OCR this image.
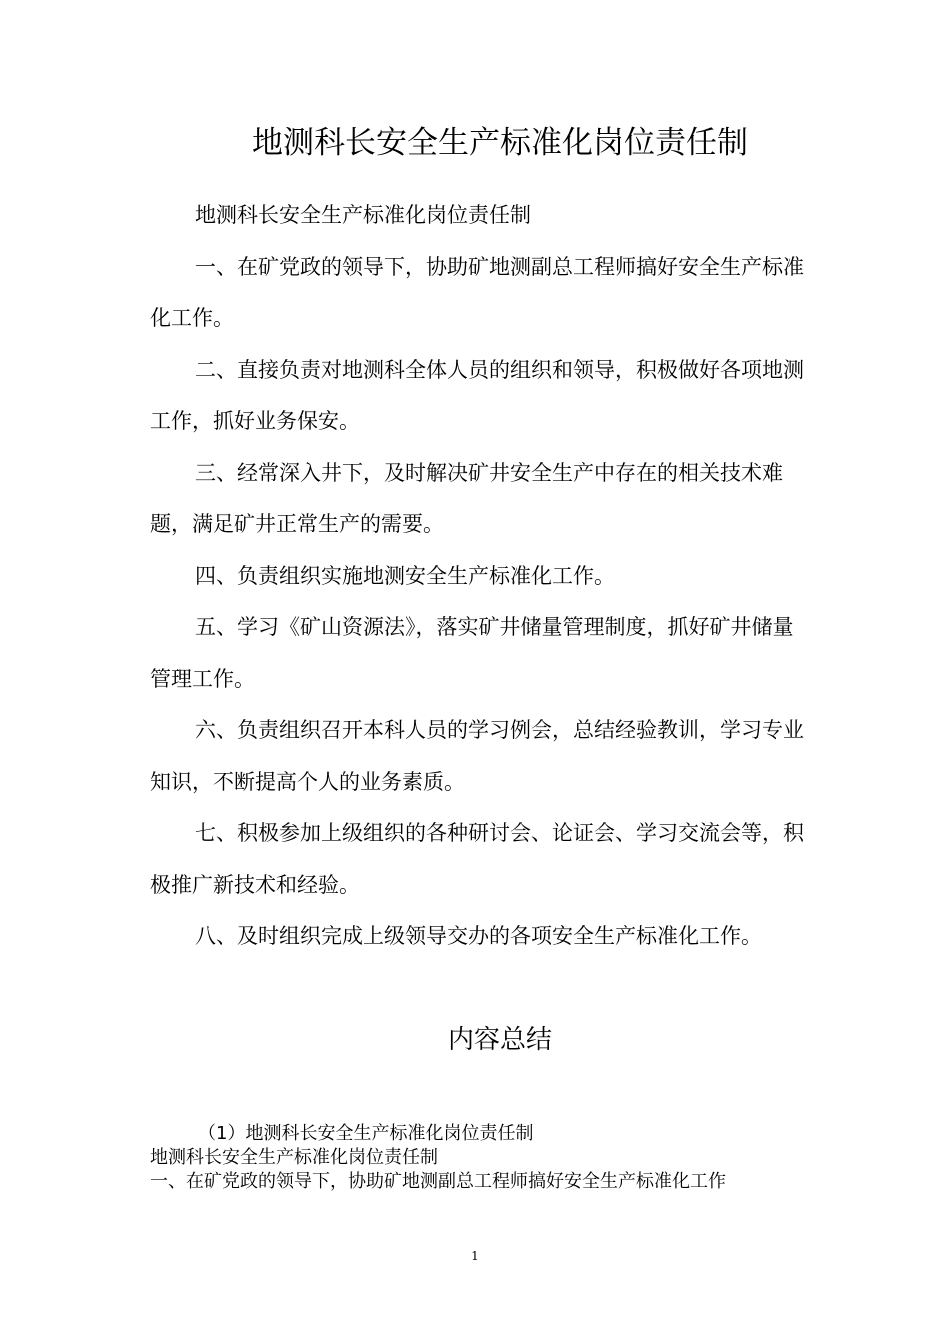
地测科长安全生产标准化岗位责任制

地测科长安全生产标准化岗位责任制

一、在矿党政的领导下，协助矿地测副总工程师搞好安全生产标准化工作。

二、直接负责对地测科全体人员的组织和领导，积极做好各项地测工作，抓好业务保安。

三、经常深入井下，及时解决矿井安全生产中存在的相关技术难题，满足矿井正常生产的需要。

四、负责组织实施地测安全生产标准化工作。

五、学习《矿山资源法》，落实矿井储量管理制度，抓好矿井储量管理工作。

六、负责组织召开本科人员的学习例会，总结经验教训，学习专业知识，不断提高个人的业务素质。

七、积极参加上级组织的各种研讨会、论证会、学习交流会等，积极推广新技术和经验。

八、及时组织完成上级领导交办的各项安全生产标准化工作。

内容总结

（1）地测科长安全生产标准化岗位责任制

地测科长安全生产标准化岗位责任制

一、在矿党政的领导下，协助矿地测副总工程师搞好安全生产标准化工作

1
